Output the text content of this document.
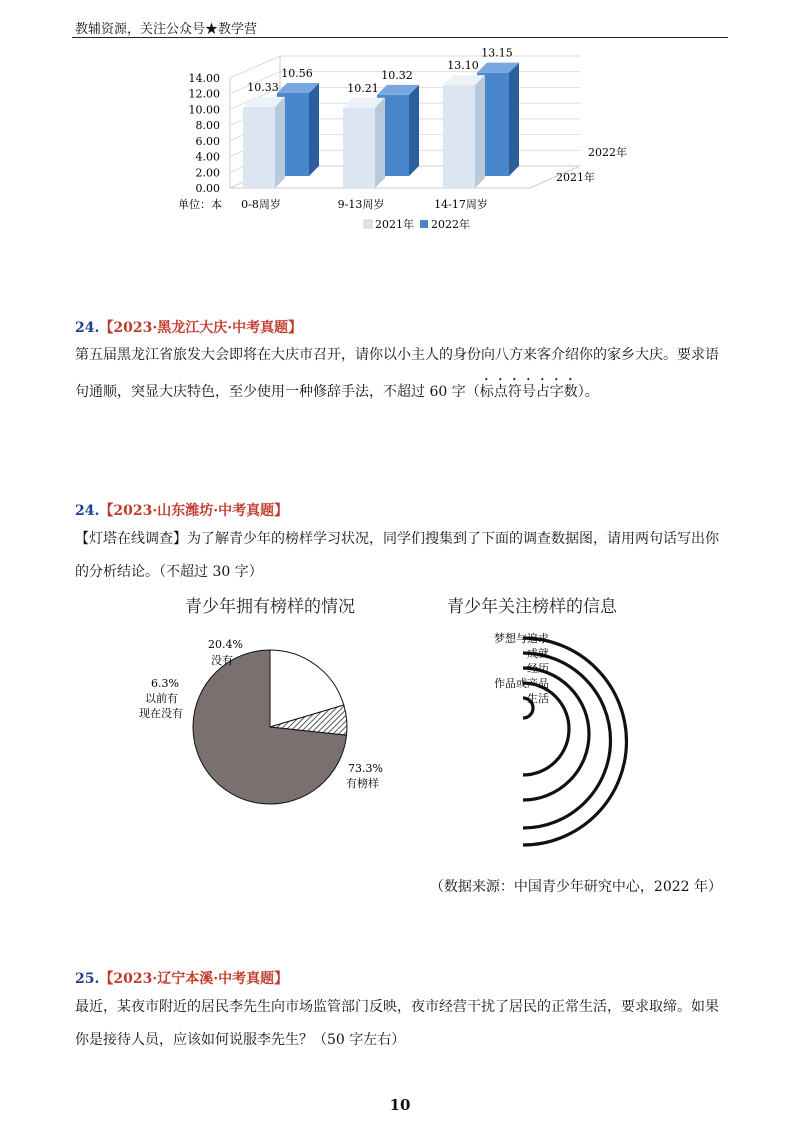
教辅资源，关注公众号★教学营
0.00
2.00
4.00
6.00
8.00
10.00
12.00
14.00
0-8周岁	9-13周岁	14-17周岁
10.33
10.56
10.21
10.32
13.10
13.15
单位：本
2022年
2021年
2021年 2022年
24.【2023·黑龙江大庆·中考真题】
第五届黑龙江省旅发大会即将在大庆市召开，请你以小主人的身份向八方来客介绍你的家乡大庆。要求语
句通顺，突显大庆特色，至少使用一种修辞手法，不超过 60 字（标点符号占字数）。
24.【2023·山东潍坊·中考真题】
【灯塔在线调查】为了解青少年的榜样学习状况，同学们搜集到了下面的调查数据图，请用两句话写出你
的分析结论。（不超过 30 字）
青少年拥有榜样的情况
20.4%
没有
6.3%
以前有
现在没有
73.3%
有榜样
青少年关注榜样的信息
梦想与追求
成就
经历
作品或产品
生活
（数据来源：中国青少年研究中心，2022 年）
25.【2023·辽宁本溪·中考真题】
最近，某夜市附近的居民李先生向市场监管部门反映，夜市经营干扰了居民的正常生活，要求取缔。如果
你是接待人员，应该如何说服李先生？（50 字左右）
10
